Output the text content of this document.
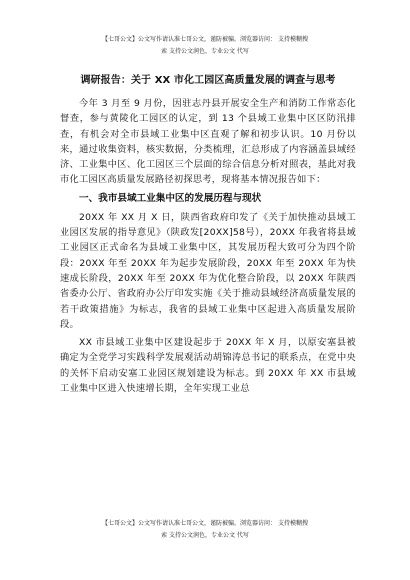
【七哥公文】公文写作请认准七哥公文，谨防被骗。浏览器访问： 支持模糊搜
索 支持公文润色，专业公文 代写
调研报告：关于 XX 市化工园区高质量发展的调查与思考

今年 3 月至 9 月份，因驻志丹县开展安全生产和消防工作常态化督查，参与黄陵化工园区的认定，到 13 个县域工业集中区区防汛排查，有机会对全市县域工业集中区直观了解和初步认识。10 月份以来，通过收集资料，核实数据，分类梳理，汇总形成了内容涵盖县域经济、工业集中区、化工园区三个层面的综合信息分析对照表，基此对我市化工园区高质量发展路径初探思考，现将基本情况报告如下：

一、我市县域工业集中区的发展历程与现状

20XX 年 XX 月 X 日，陕西省政府印发了《关于加快推动县域工业园区发展的指导意见》（陕政发[20XX]58号），20XX 年我省将县域工业园区正式命名为县域工业集中区，其发展历程大致可分为四个阶段：20XX 年至 20XX 年为起步发展阶段，20XX 年至 20XX 年为快速成长阶段，20XX 年至 20XX 年为优化整合阶段，以 20XX 年陕西省委办公厅、省政府办公厅印发实施《关于推动县域经济高质量发展的若干政策措施》为标志，我省的县域工业集中区起进入高质量发展阶段。

XX 市县域工业集中区建设起步于 20XX 年 X 月，以原安塞县被确定为全党学习实践科学发展观活动胡锦涛总书记的联系点，在党中央的关怀下启动安塞工业园区规划建设为标志。到 20XX 年 XX 市县域工业集中区进入快速增长期，全年实现工业总

【七哥公文】公文写作请认准七哥公文，谨防被骗。浏览器访问： 支持模糊搜
索 支持公文润色，专业公文 代写
